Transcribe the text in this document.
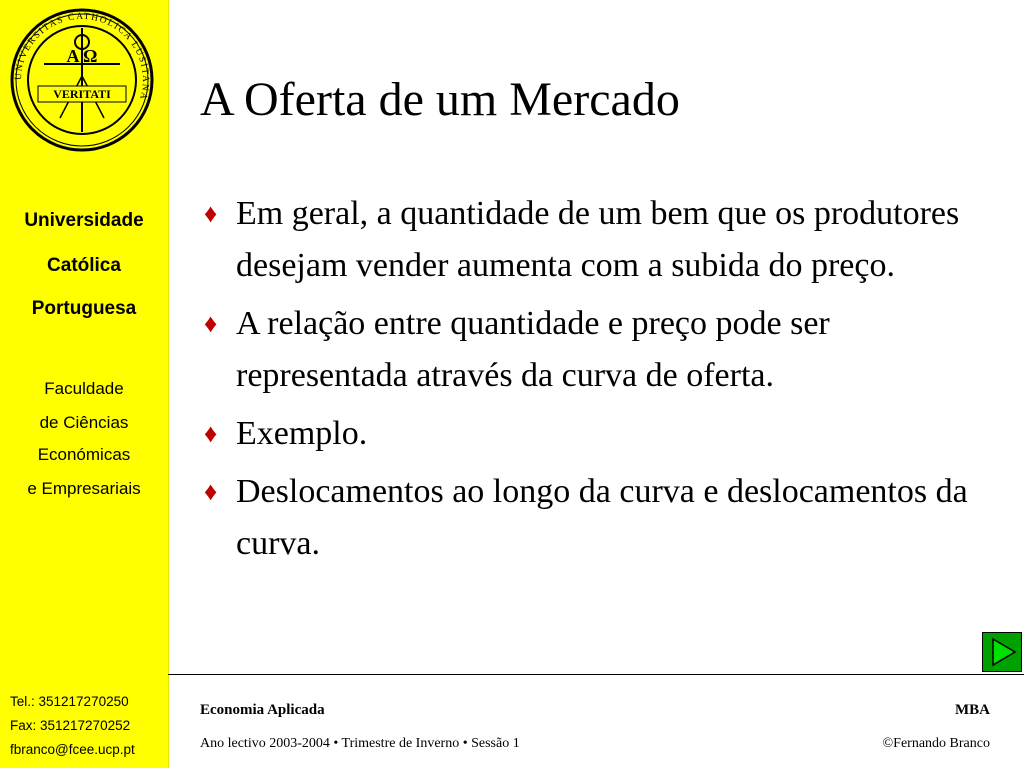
VERITATI
A Ω
UNIVERSITAS CATHOLICA LUSITANA
Universidade
Católica
Portuguesa
Faculdade
de Ciências
Económicas
e Empresariais
Tel.: 351217270250
Fax: 351217270252
fbranco@fcee.ucp.pt
A Oferta de um Mercado
♦ Em geral, a quantidade de um bem que os produtores desejam vender aumenta com a subida do preço.
♦ A relação entre quantidade e preço pode ser representada através da curva de oferta.
♦ Exemplo.
♦ Deslocamentos ao longo da curva e deslocamentos da curva.
Economia Aplicada	MBA
Ano lectivo 2003-2004 • Trimestre de Inverno • Sessão 1	©Fernando Branco
